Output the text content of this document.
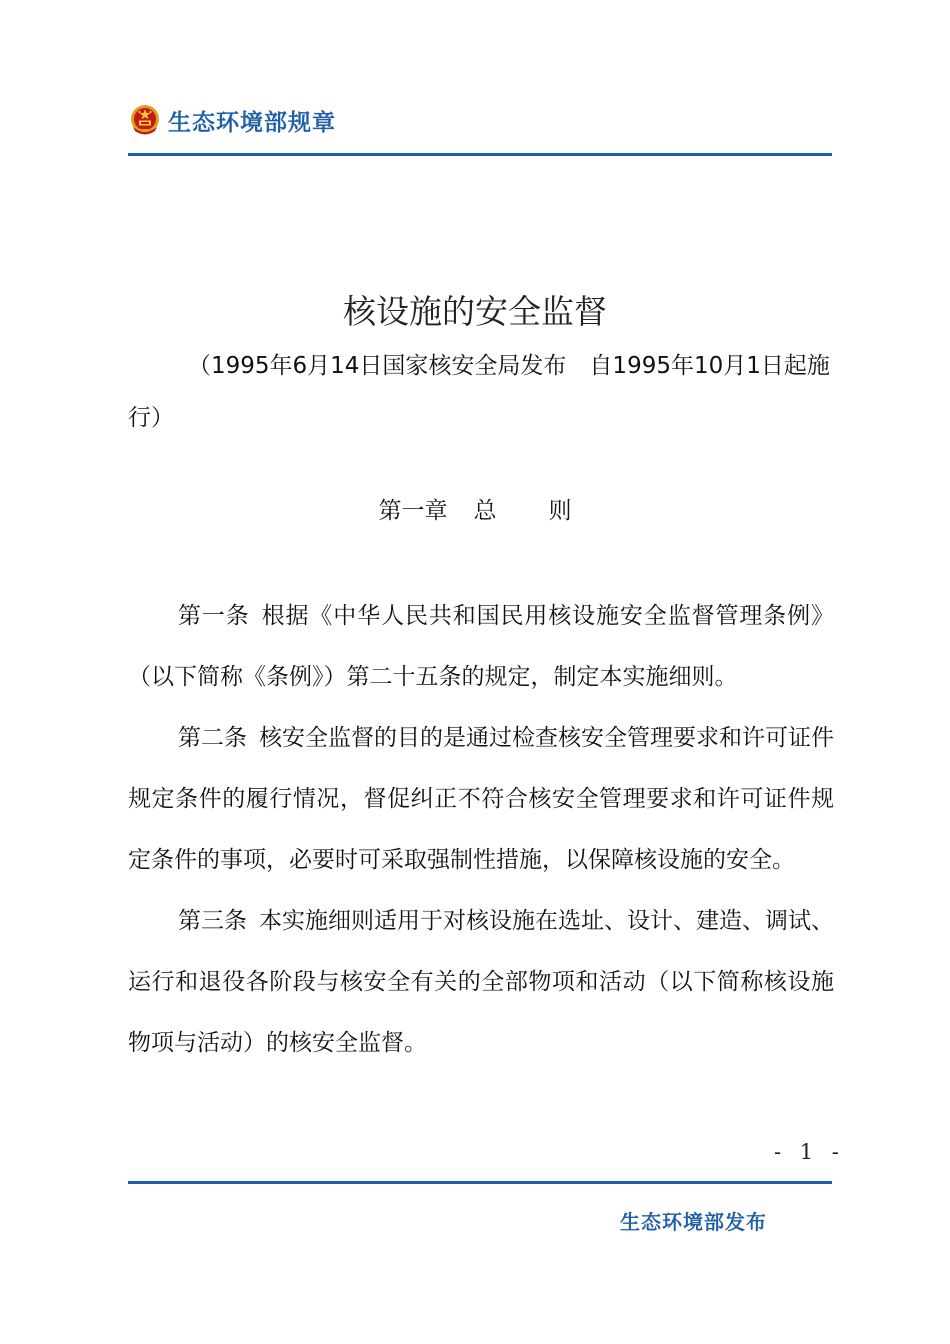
生态环境部规章
核设施的安全监督
（1995年6月14日国家核安全局发布　自1995年10月1日起施行）
第一章 总 则

第一条 根据《中华人民共和国民用核设施安全监督管理条例》（以下简称《条例》）第二十五条的规定，制定本实施细则。

第二条 核安全监督的目的是通过检查核安全管理要求和许可证件规定条件的履行情况，督促纠正不符合核安全管理要求和许可证件规定条件的事项，必要时可采取强制性措施，以保障核设施的安全。

第三条 本实施细则适用于对核设施在选址、设计、建造、调试、运行和退役各阶段与核安全有关的全部物项和活动（以下简称核设施物项与活动）的核安全监督。

- 1 -
生态环境部发布
